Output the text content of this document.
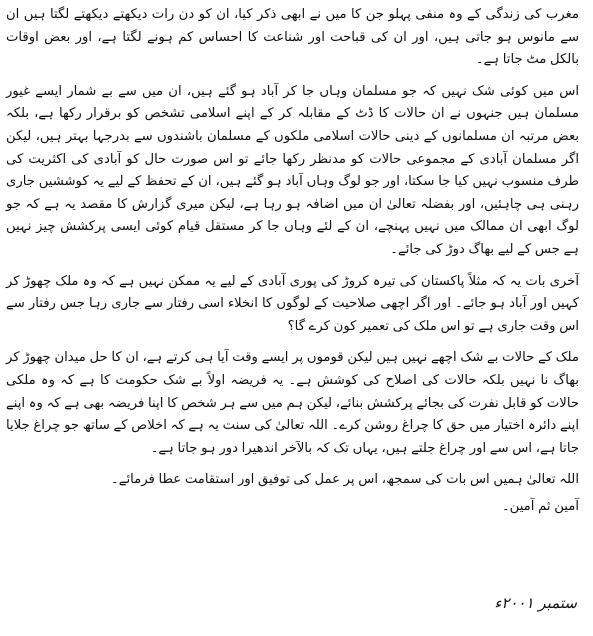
مغرب کی زندگی کے وہ منفی پہلو جن کا میں نے ابھی ذکر کیا، ان کو دن رات دیکھتے دیکھتے لگتا ہیں ان سے مانوس ہو جاتی ہیں، اور ان کی قباحت اور شناعت کا احساس کم ہونے لگتا ہے، اور بعض اوقات بالکل مٹ جاتا ہے۔

اس میں کوئی شک نہیں کہ جو مسلمان وہاں جا کر آباد ہو گئے ہیں، ان میں سے بے شمار ایسے غیور مسلمان ہیں جنہوں نے ان حالات کا ڈٹ کے مقابلہ کر کے اپنے اسلامی تشخص کو برقرار رکھا ہے، بلکہ بعض مرتبہ ان مسلمانوں کے دینی حالات اسلامی ملکوں کے مسلمان باشندوں سے بدرجہا بہتر ہیں، لیکن اگر مسلمان آبادی کے مجموعی حالات کو مدنظر رکھا جائے تو اس صورت حال کو آبادی کی اکثریت کی طرف منسوب نہیں کیا جا سکتا، اور جو لوگ وہاں آباد ہو گئے ہیں، ان کے تحفظ کے لیے یہ کوششیں جاری رہنی ہی چاہئیں، اور بفضلہ تعالیٰ ان میں اضافہ ہو رہا ہے، لیکن میری گزارش کا مقصد یہ ہے کہ جو لوگ ابھی ان ممالک میں نہیں پہنچے، ان کے لئے وہاں جا کر مستقل قیام کوئی ایسی پرکشش چیز نہیں ہے جس کے لیے بھاگ دوڑ کی جائے۔

آخری بات یہ کہ مثلاً پاکستان کی تیرہ کروڑ کی پوری آبادی کے لیے یہ ممکن نہیں ہے کہ وہ ملک چھوڑ کر کہیں اور آباد ہو جائے۔ اور اگر اچھی صلاحیت کے لوگوں کا انخلاء اسی رفتار سے جاری رہا جس رفتار سے اس وقت جاری ہے تو اس ملک کی تعمیر کون کرے گا؟

ملک کے حالات بے شک اچھے نہیں ہیں لیکن قوموں پر ایسے وقت آیا ہی کرتے ہے، ان کا حل میدان چھوڑ کر بھاگ نا نہیں بلکہ حالات کی اصلاح کی کوشش ہے۔ یہ فریضہ اولاً بے شک حکومت کا ہے کہ وہ ملکی حالات کو قابل نفرت کی بجائے پرکشش بنائے، لیکن ہم میں سے ہر شخص کا اپنا فریضہ بھی ہے کہ وہ اپنے اپنے دائرہ اختیار میں حق کا چراغ روشن کرے۔ اللہ تعالیٰ کی سنت یہ ہے کہ اخلاص کے ساتھ جو چراغ جلایا جاتا ہے، اس سے اور چراغ جلتے ہیں، یہاں تک کہ بالآخر اندھیرا دور ہو جاتا ہے۔

اللہ تعالیٰ ہمیں اس بات کی سمجھ، اس پر عمل کی توفیق اور استقامت عطا فرمائے۔

آمین ثم آمین۔

ستمبر ۲۰۰۱ء
